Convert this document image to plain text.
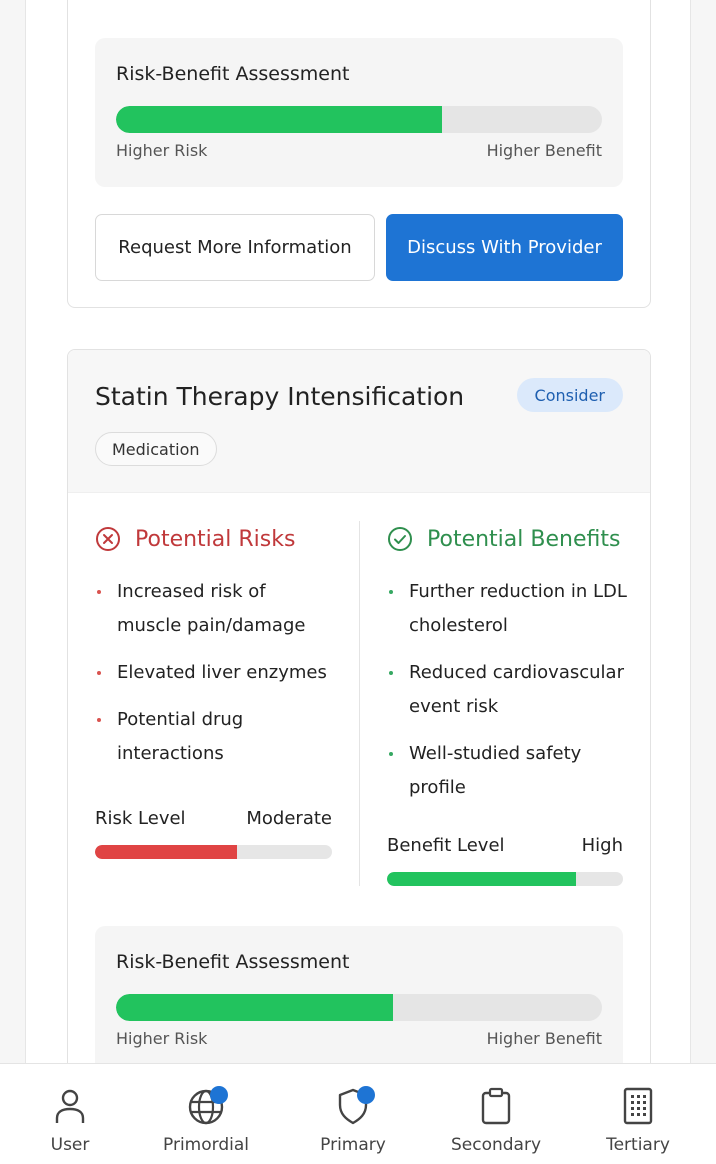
Risk-Benefit Assessment
Higher Risk	Higher Benefit
Request More Information	Discuss With Provider
Statin Therapy Intensification	Consider
Medication
Potential Risks	Potential Benefits
Increased risk of muscle pain/damage
Elevated liver enzymes
Potential drug interactions
Further reduction in LDL cholesterol
Reduced cardiovascular event risk
Well-studied safety profile
Risk Level	Moderate
Benefit Level	High
Risk-Benefit Assessment
Higher Risk	Higher Benefit
User	Primordial	Primary	Secondary	Tertiary
